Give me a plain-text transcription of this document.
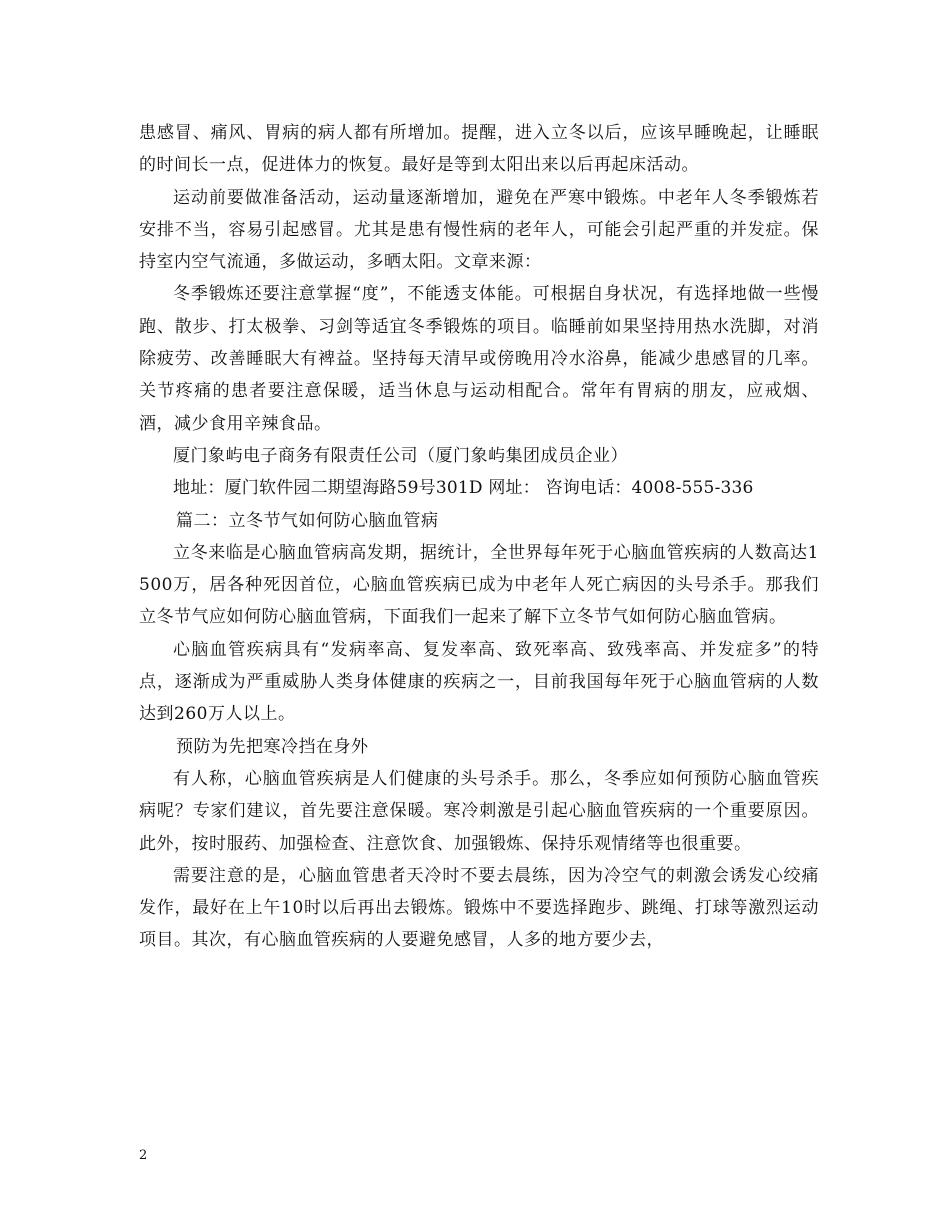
患感冒、痛风、胃病的病人都有所增加。提醒，进入立冬以后，应该早睡晚起，让睡眠的时间长一点，促进体力的恢复。最好是等到太阳出来以后再起床活动。

运动前要做准备活动，运动量逐渐增加，避免在严寒中锻炼。中老年人冬季锻炼若安排不当，容易引起感冒。尤其是患有慢性病的老年人，可能会引起严重的并发症。保持室内空气流通，多做运动，多晒太阳。文章来源：

冬季锻炼还要注意掌握“度”，不能透支体能。可根据自身状况，有选择地做一些慢跑、散步、打太极拳、习剑等适宜冬季锻炼的项目。临睡前如果坚持用热水洗脚，对消除疲劳、改善睡眠大有裨益。坚持每天清早或傍晚用冷水浴鼻，能减少患感冒的几率。关节疼痛的患者要注意保暖，适当休息与运动相配合。常年有胃病的朋友，应戒烟、酒，减少食用辛辣食品。

厦门象屿电子商务有限责任公司（厦门象屿集团成员企业）

地址：厦门软件园二期望海路59号301D 网址： 咨询电话：4008-555-336

篇二：立冬节气如何防心脑血管病

立冬来临是心脑血管病高发期，据统计，全世界每年死于心脑血管疾病的人数高达1500万，居各种死因首位，心脑血管疾病已成为中老年人死亡病因的头号杀手。那我们立冬节气应如何防心脑血管病，下面我们一起来了解下立冬节气如何防心脑血管病。

心脑血管疾病具有“发病率高、复发率高、致死率高、致残率高、并发症多”的特点，逐渐成为严重威胁人类身体健康的疾病之一，目前我国每年死于心脑血管病的人数达到260万人以上。

预防为先把寒冷挡在身外

有人称，心脑血管疾病是人们健康的头号杀手。那么，冬季应如何预防心脑血管疾病呢？专家们建议，首先要注意保暖。寒冷刺激是引起心脑血管疾病的一个重要原因。此外，按时服药、加强检查、注意饮食、加强锻炼、保持乐观情绪等也很重要。

需要注意的是，心脑血管患者天冷时不要去晨练，因为冷空气的刺激会诱发心绞痛发作，最好在上午10时以后再出去锻炼。锻炼中不要选择跑步、跳绳、打球等激烈运动项目。其次，有心脑血管疾病的人要避免感冒，人多的地方要少去，

2
